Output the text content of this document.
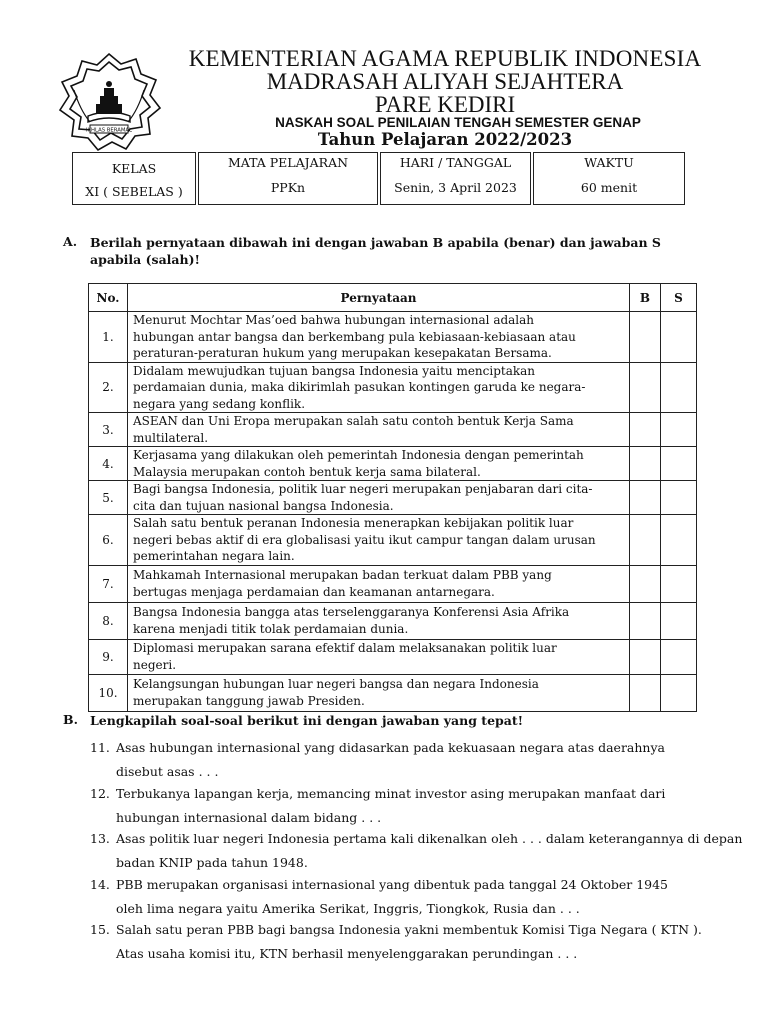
IKHLAS BERAMAL
KEMENTERIAN AGAMA REPUBLIK INDONESIA
MADRASAH ALIYAH SEJAHTERA
PARE KEDIRI
NASKAH SOAL PENILAIAN TENGAH SEMESTER GENAP
Tahun Pelajaran 2022/2023
KELAS
XI ( SEBELAS )
MATA PELAJARAN
PPKn
HARI / TANGGAL
Senin, 3 April 2023
WAKTU
60 menit
A. Berilah pernyataan dibawah ini dengan jawaban B apabila (benar) dan jawaban S
apabila (salah)!
No.	Pernyataan	B	S
1.	Menurut Mochtar Mas’oed bahwa hubungan internasional adalah
hubungan antar bangsa dan berkembang pula kebiasaan-kebiasaan atau
peraturan-peraturan hukum yang merupakan kesepakatan Bersama.		

2.	Didalam mewujudkan tujuan bangsa Indonesia yaitu menciptakan
perdamaian dunia, maka dikirimlah pasukan kontingen garuda ke negara-
negara yang sedang konflik.		

3.	ASEAN dan Uni Eropa merupakan salah satu contoh bentuk Kerja Sama
multilateral.		

4.	Kerjasama yang dilakukan oleh pemerintah Indonesia dengan pemerintah
Malaysia merupakan contoh bentuk kerja sama bilateral.		

5.	Bagi bangsa Indonesia, politik luar negeri merupakan penjabaran dari cita-
cita dan tujuan nasional bangsa Indonesia.		

6.	Salah satu bentuk peranan Indonesia menerapkan kebijakan politik luar
negeri bebas aktif di era globalisasi yaitu ikut campur tangan dalam urusan
pemerintahan negara lain.		

7.	Mahkamah Internasional merupakan badan terkuat dalam PBB yang
bertugas menjaga perdamaian dan keamanan antarnegara.		

8.	Bangsa Indonesia bangga atas terselenggaranya Konferensi Asia Afrika
karena menjadi titik tolak perdamaian dunia.		

9.	Diplomasi merupakan sarana efektif dalam melaksanakan politik luar
negeri.		

10.	Kelangsungan hubungan luar negeri bangsa dan negara Indonesia
merupakan tanggung jawab Presiden.		

B. Lengkapilah soal-soal berikut ini dengan jawaban yang tepat!
11. Asas hubungan internasional yang didasarkan pada kekuasaan negara atas daerahnya
disebut asas . . .
12. Terbukanya lapangan kerja, memancing minat investor asing merupakan manfaat dari
hubungan internasional dalam bidang . . .
13. Asas politik luar negeri Indonesia pertama kali dikenalkan oleh . . . dalam keterangannya di depan
badan KNIP pada tahun 1948.
14. PBB merupakan organisasi internasional yang dibentuk pada tanggal 24 Oktober 1945
oleh lima negara yaitu Amerika Serikat, Inggris, Tiongkok, Rusia dan . . .
15. Salah satu peran PBB bagi bangsa Indonesia yakni membentuk Komisi Tiga Negara ( KTN ).
Atas usaha komisi itu, KTN berhasil menyelenggarakan perundingan . . .
